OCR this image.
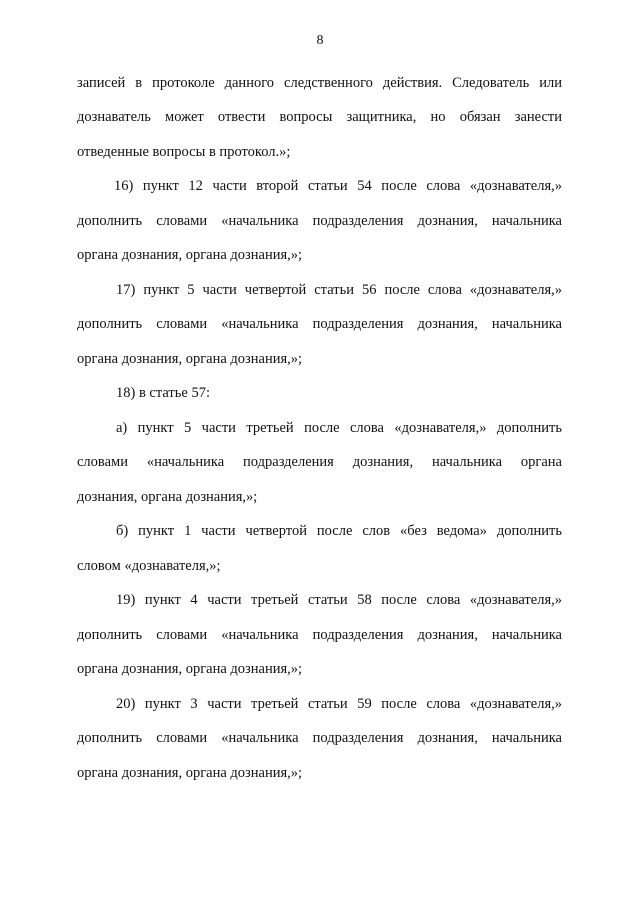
8
записей в протоколе данного следственного действия. Следователь или
дознаватель может отвести вопросы защитника, но обязан занести
отведенные вопросы в протокол.»;
16) пункт 12 части второй статьи 54 после слова «дознавателя,»
дополнить словами «начальника подразделения дознания, начальника
органа дознания, органа дознания,»;
17) пункт 5 части четвертой статьи 56 после слова «дознавателя,»
дополнить словами «начальника подразделения дознания, начальника
органа дознания, органа дознания,»;
18) в статье 57:
а) пункт 5 части третьей после слова «дознавателя,» дополнить
словами «начальника подразделения дознания, начальника органа
дознания, органа дознания,»;
б) пункт 1 части четвертой после слов «без ведома» дополнить
словом «дознавателя,»;
19) пункт 4 части третьей статьи 58 после слова «дознавателя,»
дополнить словами «начальника подразделения дознания, начальника
органа дознания, органа дознания,»;
20) пункт 3 части третьей статьи 59 после слова «дознавателя,»
дополнить словами «начальника подразделения дознания, начальника
органа дознания, органа дознания,»;
